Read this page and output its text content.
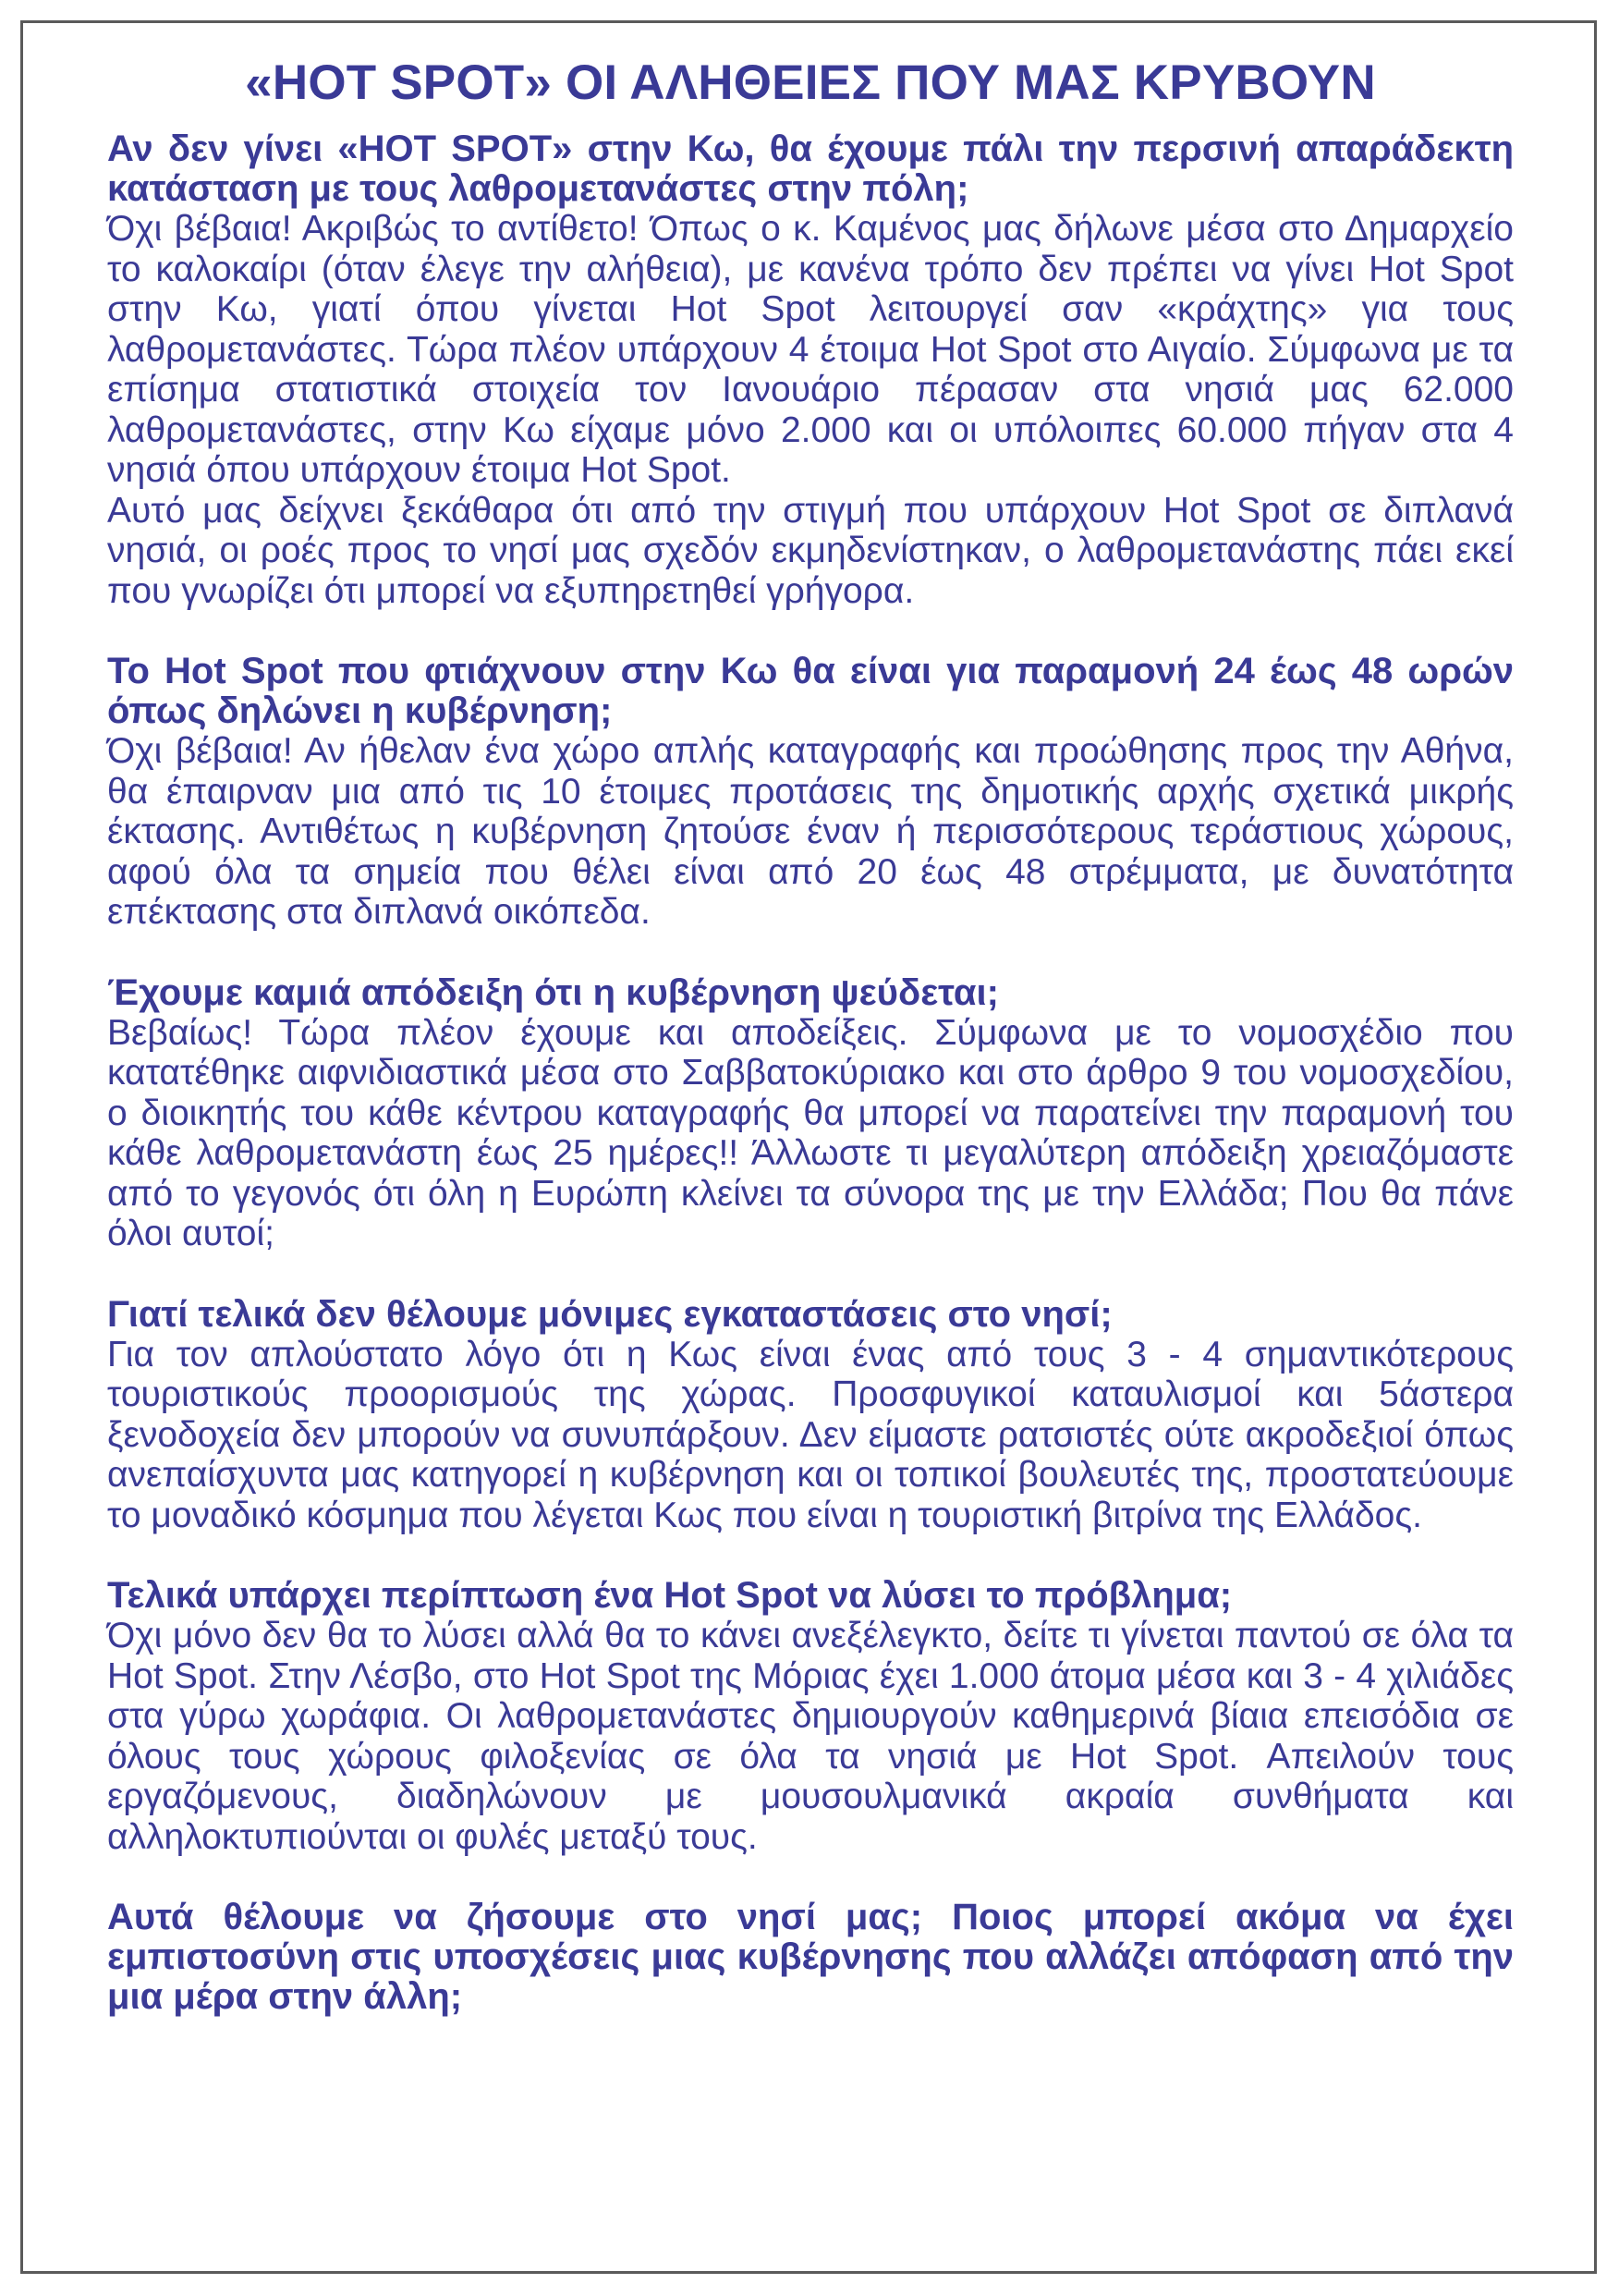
«HOT SPOT» ΟΙ ΑΛΗΘΕΙΕΣ ΠΟΥ ΜΑΣ ΚΡΥΒΟΥΝ

Αν δεν γίνει «HOT SPOT» στην Κω, θα έχουμε πάλι την περσινή απαράδεκτη κατάσταση με τους λαθρομετανάστες στην πόλη;

Όχι βέβαια! Ακριβώς το αντίθετο! Όπως ο κ. Καμένος μας δήλωνε μέσα στο Δημαρχείο το καλοκαίρι (όταν έλεγε την αλήθεια), με κανένα τρόπο δεν πρέπει να γίνει Hot Spot στην Κω, γιατί όπου γίνεται Hot Spot λειτουργεί σαν «κράχτης» για τους λαθρομετανάστες. Τώρα πλέον υπάρχουν 4 έτοιμα Hot Spot στο Αιγαίο. Σύμφωνα με τα επίσημα στατιστικά στοιχεία τον Ιανουάριο πέρασαν στα νησιά μας 62.000 λαθρομετανάστες, στην Κω είχαμε μόνο 2.000 και οι υπόλοιπες 60.000 πήγαν στα 4 νησιά όπου υπάρχουν έτοιμα Hot Spot.

Αυτό μας δείχνει ξεκάθαρα ότι από την στιγμή που υπάρχουν Hot Spot σε διπλανά νησιά, οι ροές προς το νησί μας σχεδόν εκμηδενίστηκαν, ο λαθρομετανάστης πάει εκεί που γνωρίζει ότι μπορεί να εξυπηρετηθεί γρήγορα.

Το Hot Spot που φτιάχνουν στην Κω θα είναι για παραμονή 24 έως 48 ωρών όπως δηλώνει η κυβέρνηση;

Όχι βέβαια! Αν ήθελαν ένα χώρο απλής καταγραφής και προώθησης προς την Αθήνα, θα έπαιρναν μια από τις 10 έτοιμες προτάσεις της δημοτικής αρχής σχετικά μικρής έκτασης. Αντιθέτως η κυβέρνηση ζητούσε έναν ή περισσότερους τεράστιους χώρους, αφού όλα τα σημεία που θέλει είναι από 20 έως 48 στρέμματα, με δυνατότητα επέκτασης στα διπλανά οικόπεδα.

Έχουμε καμιά απόδειξη ότι η κυβέρνηση ψεύδεται;

Βεβαίως! Τώρα πλέον έχουμε και αποδείξεις. Σύμφωνα με το νομοσχέδιο που κατατέθηκε αιφνιδιαστικά μέσα στο Σαββατοκύριακο και στο άρθρο 9 του νομοσχεδίου, ο διοικητής του κάθε κέντρου καταγραφής θα μπορεί να παρατείνει την παραμονή του κάθε λαθρομετανάστη έως 25 ημέρες!! Άλλωστε τι μεγαλύτερη απόδειξη χρειαζόμαστε από το γεγονός ότι όλη η Ευρώπη κλείνει τα σύνορα της με την Ελλάδα; Που θα πάνε όλοι αυτοί;

Γιατί τελικά δεν θέλουμε μόνιμες εγκαταστάσεις στο νησί;

Για τον απλούστατο λόγο ότι η Κως είναι ένας από τους 3 - 4 σημαντικότερους τουριστικούς προορισμούς της χώρας. Προσφυγικοί καταυλισμοί και 5άστερα ξενοδοχεία δεν μπορούν να συνυπάρξουν. Δεν είμαστε ρατσιστές ούτε ακροδεξιοί όπως ανεπαίσχυντα μας κατηγορεί η κυβέρνηση και οι τοπικοί βουλευτές της, προστατεύουμε το μοναδικό κόσμημα που λέγεται Κως που είναι η τουριστική βιτρίνα της Ελλάδος.

Τελικά υπάρχει περίπτωση ένα Hot Spot να λύσει το πρόβλημα;

Όχι μόνο δεν θα το λύσει αλλά θα το κάνει ανεξέλεγκτο, δείτε τι γίνεται παντού σε όλα τα Hot Spot. Στην Λέσβο, στο Hot Spot της Μόριας έχει 1.000 άτομα μέσα και 3 - 4 χιλιάδες στα γύρω χωράφια. Οι λαθρομετανάστες δημιουργούν καθημερινά βίαια επεισόδια σε όλους τους χώρους φιλοξενίας σε όλα τα νησιά με Hot Spot. Απειλούν τους εργαζόμενους, διαδηλώνουν με μουσουλμανικά ακραία συνθήματα και αλληλοκτυπιούνται οι φυλές μεταξύ τους.

Αυτά θέλουμε να ζήσουμε στο νησί μας; Ποιος μπορεί ακόμα να έχει εμπιστοσύνη στις υποσχέσεις μιας κυβέρνησης που αλλάζει απόφαση από την μια μέρα στην άλλη;
